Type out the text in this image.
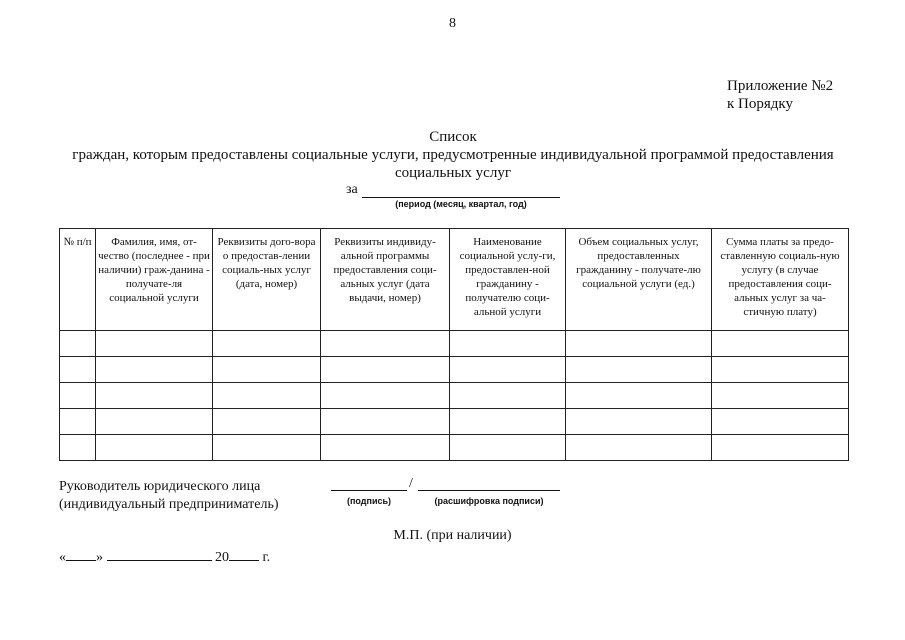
8
Приложение №2
к Порядку
Список
граждан, которым предоставлены социальные услуги, предусмотренные индивидуальной программой предоставления
социальных услуг
за
(период (месяц, квартал, год)
№ п/п	Фамилия, имя, от-чество (последнее - при наличии) граж-данина - получате-ля социальной услуги	Реквизиты дого-вора о предостав-лении социаль-ных услуг (дата, номер)	Реквизиты индивиду-альной программы предоставления соци-альных услуг (дата выдачи, номер)	Наименование социальной услу-ги, предоставлен-ной гражданину - получателю соци-альной услуги	Объем социальных услуг, предоставленных гражданину - получате-лю социальной услуги (ед.)	Сумма платы за предо-ставленную социаль-ную услугу (в случае предоставления соци-альных услуг за ча-стичную плату)

Руководитель юридического лица
(индивидуальный предприниматель)
/
(подпись)	(расшифровка подписи)
М.П. (при наличии)
« »	20 г.
